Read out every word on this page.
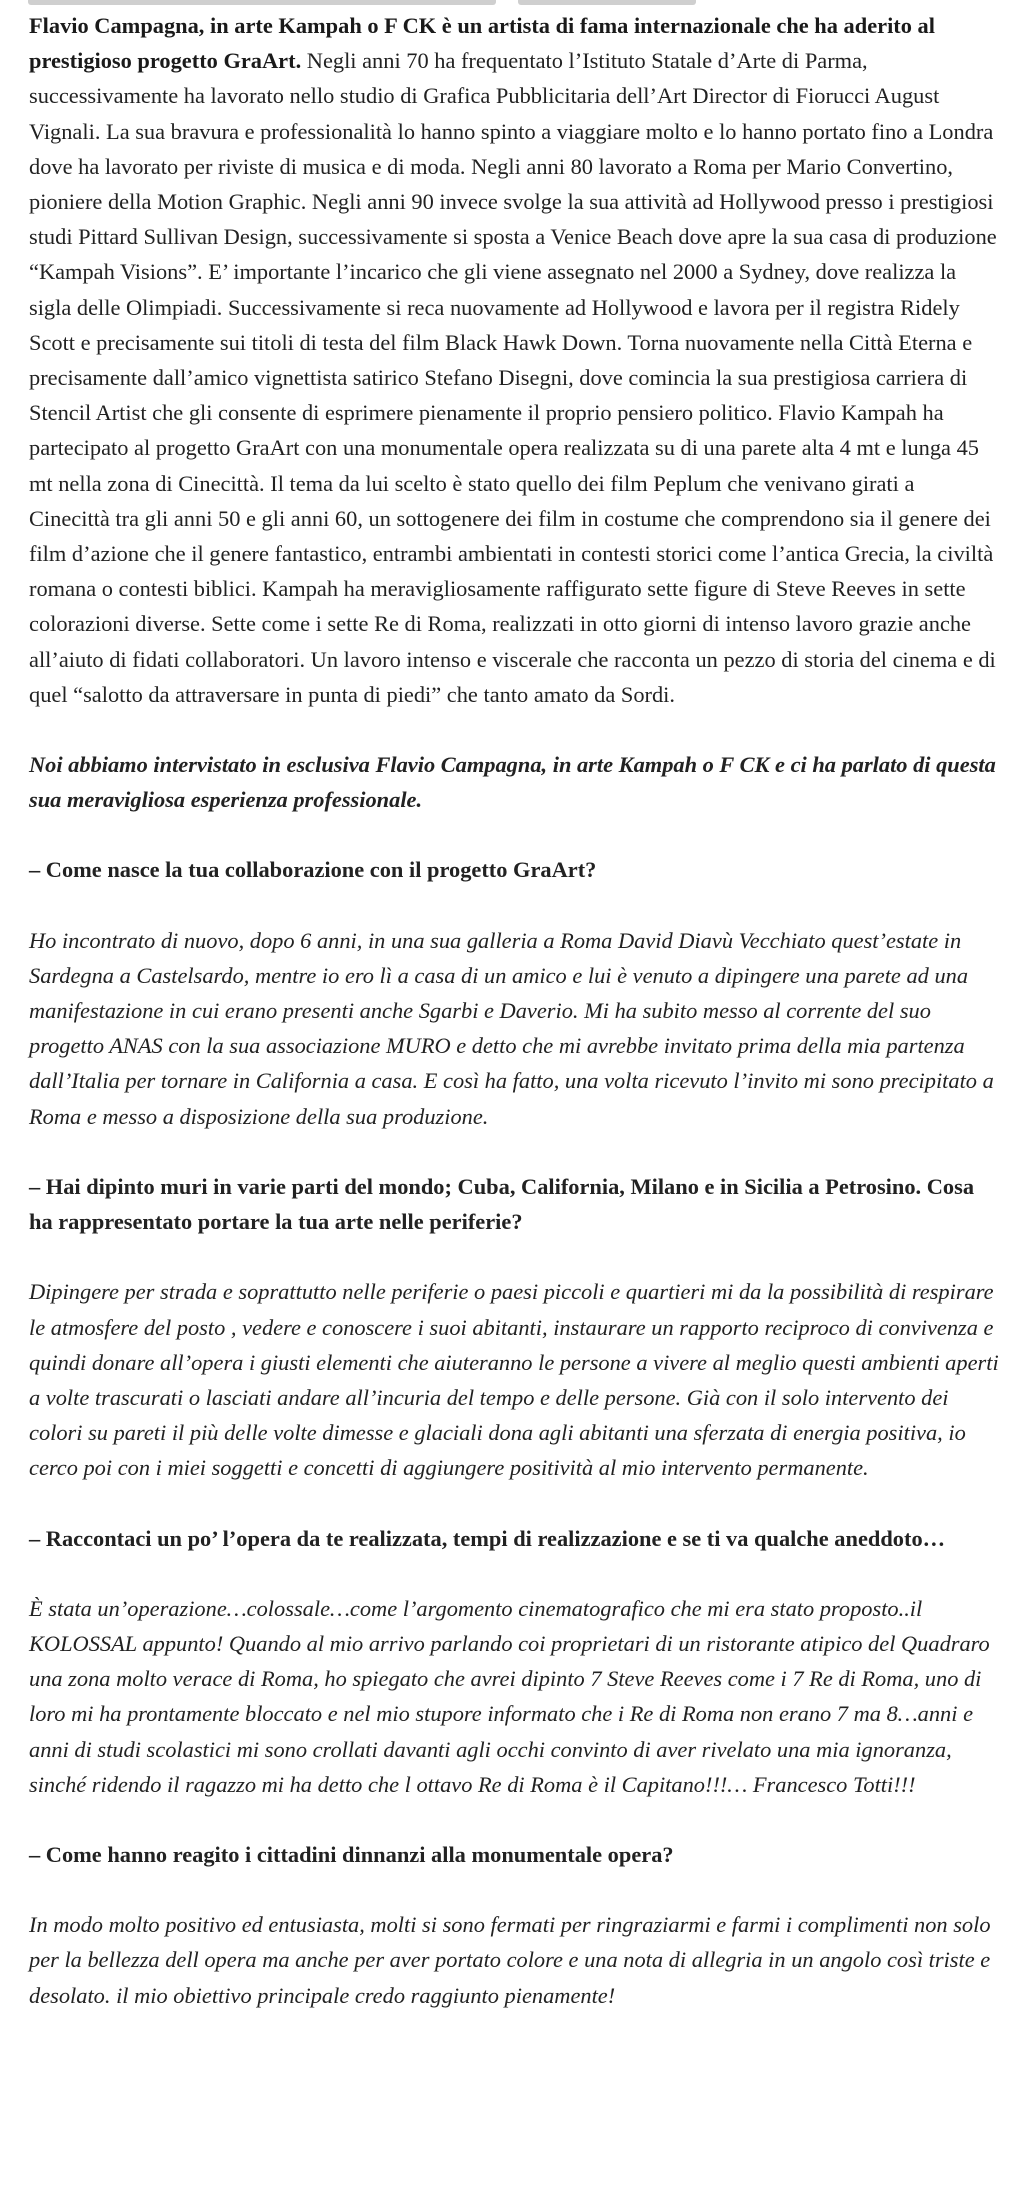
Flavio Campagna, in arte Kampah o F CK è un artista di fama internazionale che ha aderito al prestigioso progetto GraArt. Negli anni 70 ha frequentato l’Istituto Statale d’Arte di Parma, successivamente ha lavorato nello studio di Grafica Pubblicitaria dell’Art Director di Fiorucci August Vignali. La sua bravura e professionalità lo hanno spinto a viaggiare molto e lo hanno portato fino a Londra dove ha lavorato per riviste di musica e di moda. Negli anni 80 lavorato a Roma per Mario Convertino, pioniere della Motion Graphic. Negli anni 90 invece svolge la sua attività ad Hollywood presso i prestigiosi studi Pittard Sullivan Design, successivamente si sposta a Venice Beach dove apre la sua casa di produzione “Kampah Visions”. E’ importante l’incarico che gli viene assegnato nel 2000 a Sydney, dove realizza la sigla delle Olimpiadi. Successivamente si reca nuovamente ad Hollywood e lavora per il registra Ridely Scott e precisamente sui titoli di testa del film Black Hawk Down. Torna nuovamente nella Città Eterna e precisamente dall’amico vignettista satirico Stefano Disegni, dove comincia la sua prestigiosa carriera di Stencil Artist che gli consente di esprimere pienamente il proprio pensiero politico. Flavio Kampah ha partecipato al progetto GraArt con una monumentale opera realizzata su di una parete alta 4 mt e lunga 45 mt nella zona di Cinecittà. Il tema da lui scelto è stato quello dei film Peplum che venivano girati a Cinecittà tra gli anni 50 e gli anni 60, un sottogenere dei film in costume che comprendono sia il genere dei film d’azione che il genere fantastico, entrambi ambientati in contesti storici come l’antica Grecia, la civiltà romana o contesti biblici. Kampah ha meravigliosamente raffigurato sette figure di Steve Reeves in sette colorazioni diverse. Sette come i sette Re di Roma, realizzati in otto giorni di intenso lavoro grazie anche all’aiuto di fidati collaboratori. Un lavoro intenso e viscerale che racconta un pezzo di storia del cinema e di quel “salotto da attraversare in punta di piedi” che tanto amato da Sordi.

Noi abbiamo intervistato in esclusiva Flavio Campagna, in arte Kampah o F CK e ci ha parlato di questa sua meravigliosa esperienza professionale.

– Come nasce la tua collaborazione con il progetto GraArt?

Ho incontrato di nuovo, dopo 6 anni, in una sua galleria a Roma David Diavù Vecchiato quest’estate in Sardegna a Castelsardo, mentre io ero lì a casa di un amico e lui è venuto a dipingere una parete ad una manifestazione in cui erano presenti anche Sgarbi e Daverio. Mi ha subito messo al corrente del suo progetto ANAS con la sua associazione MURO e detto che mi avrebbe invitato prima della mia partenza dall’Italia per tornare in California a casa. E così ha fatto, una volta ricevuto l’invito mi sono precipitato a Roma e messo a disposizione della sua produzione.

– Hai dipinto muri in varie parti del mondo; Cuba, California, Milano e in Sicilia a Petrosino. Cosa ha rappresentato portare la tua arte nelle periferie?

Dipingere per strada e soprattutto nelle periferie o paesi piccoli e quartieri mi da la possibilità di respirare le atmosfere del posto , vedere e conoscere i suoi abitanti, instaurare un rapporto reciproco di convivenza e quindi donare all’opera i giusti elementi che aiuteranno le persone a vivere al meglio questi ambienti aperti a volte trascurati o lasciati andare all’incuria del tempo e delle persone. Già con il solo intervento dei colori su pareti il più delle volte dimesse e glaciali dona agli abitanti una sferzata di energia positiva, io cerco poi con i miei soggetti e concetti di aggiungere positività al mio intervento permanente.

– Raccontaci un po’ l’opera da te realizzata, tempi di realizzazione e se ti va qualche aneddoto…

È stata un’operazione…colossale…come l’argomento cinematografico che mi era stato proposto..il KOLOSSAL appunto! Quando al mio arrivo parlando coi proprietari di un ristorante atipico del Quadraro una zona molto verace di Roma, ho spiegato che avrei dipinto 7 Steve Reeves come i 7 Re di Roma, uno di loro mi ha prontamente bloccato e nel mio stupore informato che i Re di Roma non erano 7 ma 8…anni e anni di studi scolastici mi sono crollati davanti agli occhi convinto di aver rivelato una mia ignoranza, sinché ridendo il ragazzo mi ha detto che l ottavo Re di Roma è il Capitano!!!… Francesco Totti!!!

– Come hanno reagito i cittadini dinnanzi alla monumentale opera?

In modo molto positivo ed entusiasta, molti si sono fermati per ringraziarmi e farmi i complimenti non solo per la bellezza dell opera ma anche per aver portato colore e una nota di allegria in un angolo così triste e desolato. il mio obiettivo principale credo raggiunto pienamente!
